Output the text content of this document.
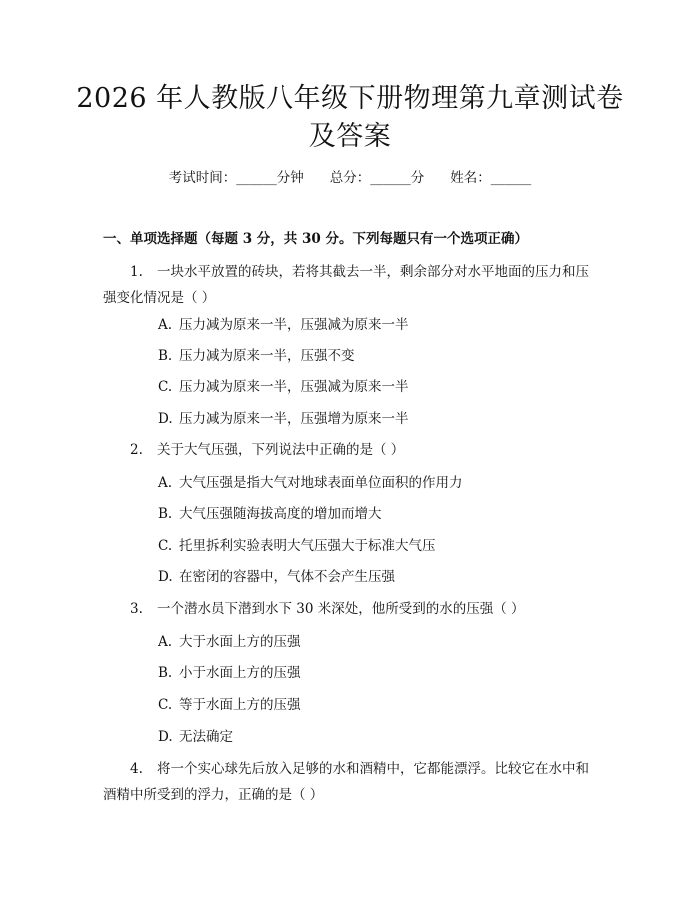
2026 年人教版八年级下册物理第九章测试卷
及答案
考试时间：______分钟 总分：______分 姓名：______
一、单项选择题（每题 3 分，共 30 分。下列每题只有一个选项正确）
1. 一块水平放置的砖块，若将其截去一半，剩余部分对水平地面的压力和压
强变化情况是（ ）
A. 压力减为原来一半，压强减为原来一半
B. 压力减为原来一半，压强不变
C. 压力减为原来一半，压强减为原来一半
D. 压力减为原来一半，压强增为原来一半
2. 关于大气压强，下列说法中正确的是（ ）
A. 大气压强是指大气对地球表面单位面积的作用力
B. 大气压强随海拔高度的增加而增大
C. 托里拆利实验表明大气压强大于标准大气压
D. 在密闭的容器中，气体不会产生压强
3. 一个潜水员下潜到水下 30 米深处，他所受到的水的压强（ ）
A. 大于水面上方的压强
B. 小于水面上方的压强
C. 等于水面上方的压强
D. 无法确定
4. 将一个实心球先后放入足够的水和酒精中，它都能漂浮。比较它在水中和
酒精中所受到的浮力，正确的是（ ）
